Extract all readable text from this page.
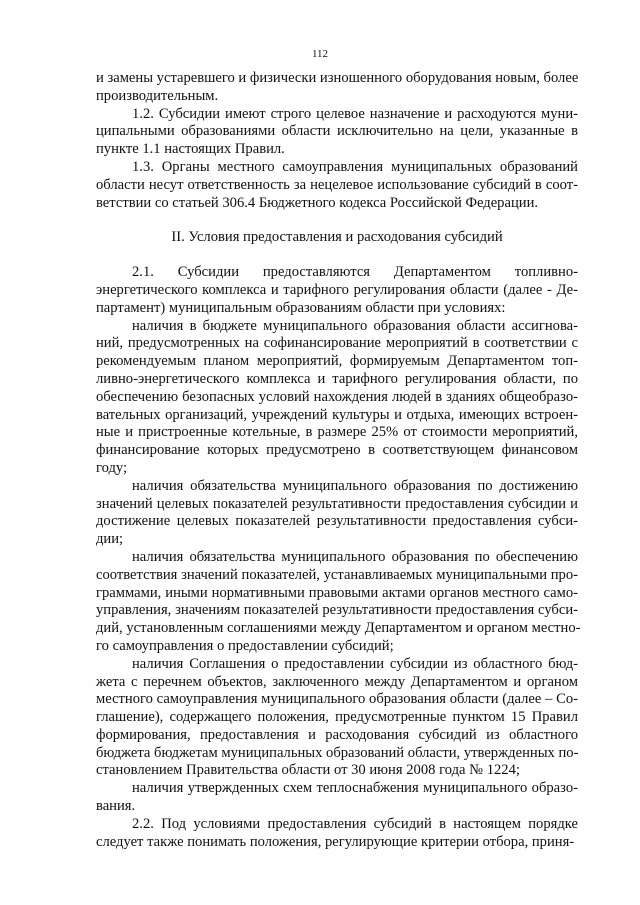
112
и замены устаревшего и физически изношенного оборудования новым, более
производительным.
1.2. Субсидии имеют строго целевое назначение и расходуются муни-
ципальными образованиями области исключительно на цели, указанные в
пункте 1.1 настоящих Правил.
1.3. Органы местного самоуправления муниципальных образований
области несут ответственность за нецелевое использование субсидий в соот-
ветствии со статьей 306.4 Бюджетного кодекса Российской Федерации.
II. Условия предоставления и расходования субсидий
2.1. Субсидии предоставляются Департаментом топливно-
энергетического комплекса и тарифного регулирования области (далее - Де-
партамент) муниципальным образованиям области при условиях:
наличия в бюджете муниципального образования области ассигнова-
ний, предусмотренных на софинансирование мероприятий в соответствии с
рекомендуемым планом мероприятий, формируемым Департаментом топ-
ливно-энергетического комплекса и тарифного регулирования области, по
обеспечению безопасных условий нахождения людей в зданиях общеобразо-
вательных организаций, учреждений культуры и отдыха, имеющих встроен-
ные и пристроенные котельные, в размере 25% от стоимости мероприятий,
финансирование которых предусмотрено в соответствующем финансовом
году;
наличия обязательства муниципального образования по достижению
значений целевых показателей результативности предоставления субсидии и
достижение целевых показателей результативности предоставления субси-
дии;
наличия обязательства муниципального образования по обеспечению
соответствия значений показателей, устанавливаемых муниципальными про-
граммами, иными нормативными правовыми актами органов местного само-
управления, значениям показателей результативности предоставления субси-
дий, установленным соглашениями между Департаментом и органом местно-
го самоуправления о предоставлении субсидий;
наличия Соглашения о предоставлении субсидии из областного бюд-
жета с перечнем объектов, заключенного между Департаментом и органом
местного самоуправления муниципального образования области (далее – Со-
глашение), содержащего положения, предусмотренные пунктом 15 Правил
формирования, предоставления и расходования субсидий из областного
бюджета бюджетам муниципальных образований области, утвержденных по-
становлением Правительства области от 30 июня 2008 года № 1224;
наличия утвержденных схем теплоснабжения муниципального образо-
вания.
2.2. Под условиями предоставления субсидий в настоящем порядке
следует также понимать положения, регулирующие критерии отбора, приня-
